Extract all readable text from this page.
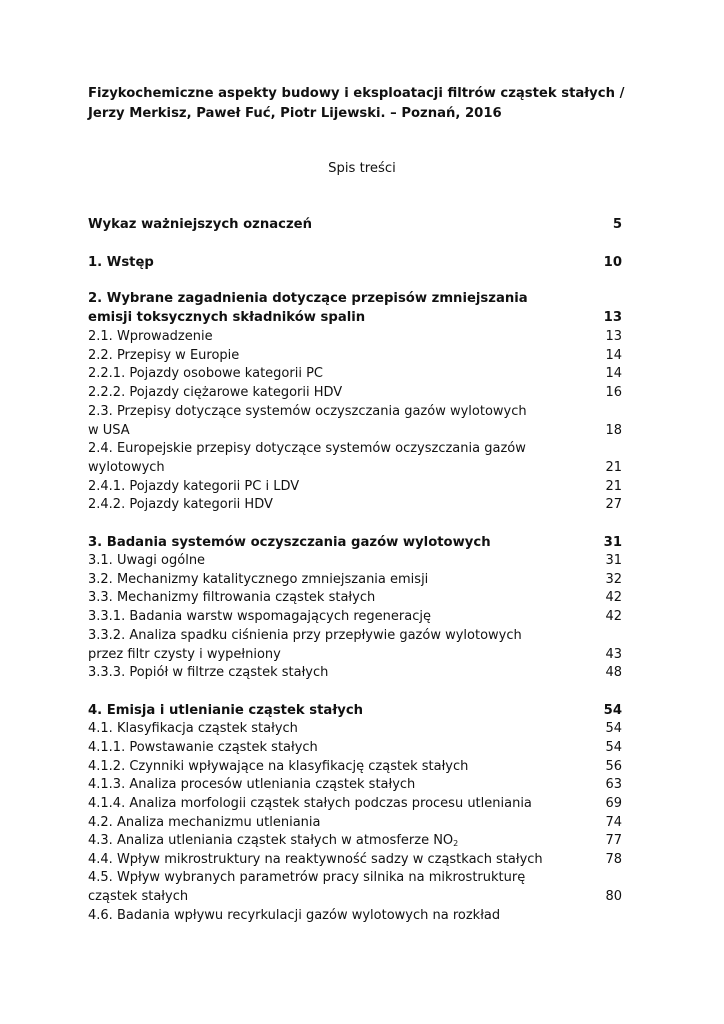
Fizykochemiczne aspekty budowy i eksploatacji filtrów cząstek stałych /
Jerzy Merkisz, Paweł Fuć, Piotr Lijewski. – Poznań, 2016
Spis treści
Wykaz ważniejszych oznaczeń	5
1. Wstęp	10
2. Wybrane zagadnienia dotyczące przepisów zmniejszania
emisji toksycznych składników spalin	13
2.1. Wprowadzenie	13
2.2. Przepisy w Europie	14
2.2.1. Pojazdy osobowe kategorii PC	14
2.2.2. Pojazdy ciężarowe kategorii HDV	16
2.3. Przepisy dotyczące systemów oczyszczania gazów wylotowych
w USA	18
2.4. Europejskie przepisy dotyczące systemów oczyszczania gazów
wylotowych	21
2.4.1. Pojazdy kategorii PC i LDV	21
2.4.2. Pojazdy kategorii HDV	27
3. Badania systemów oczyszczania gazów wylotowych	31
3.1. Uwagi ogólne	31
3.2. Mechanizmy katalitycznego zmniejszania emisji	32
3.3. Mechanizmy filtrowania cząstek stałych	42
3.3.1. Badania warstw wspomagających regenerację	42
3.3.2. Analiza spadku ciśnienia przy przepływie gazów wylotowych
przez filtr czysty i wypełniony	43
3.3.3. Popiół w filtrze cząstek stałych	48
4. Emisja i utlenianie cząstek stałych	54
4.1. Klasyfikacja cząstek stałych	54
4.1.1. Powstawanie cząstek stałych	54
4.1.2. Czynniki wpływające na klasyfikację cząstek stałych	56
4.1.3. Analiza procesów utleniania cząstek stałych	63
4.1.4. Analiza morfologii cząstek stałych podczas procesu utleniania	69
4.2. Analiza mechanizmu utleniania	74
4.3. Analiza utleniania cząstek stałych w atmosferze $NO_2$	77
4.4. Wpływ mikrostruktury na reaktywność sadzy w cząstkach stałych	78
4.5. Wpływ wybranych parametrów pracy silnika na mikrostrukturę
cząstek stałych	80
4.6. Badania wpływu recyrkulacji gazów wylotowych na rozkład
